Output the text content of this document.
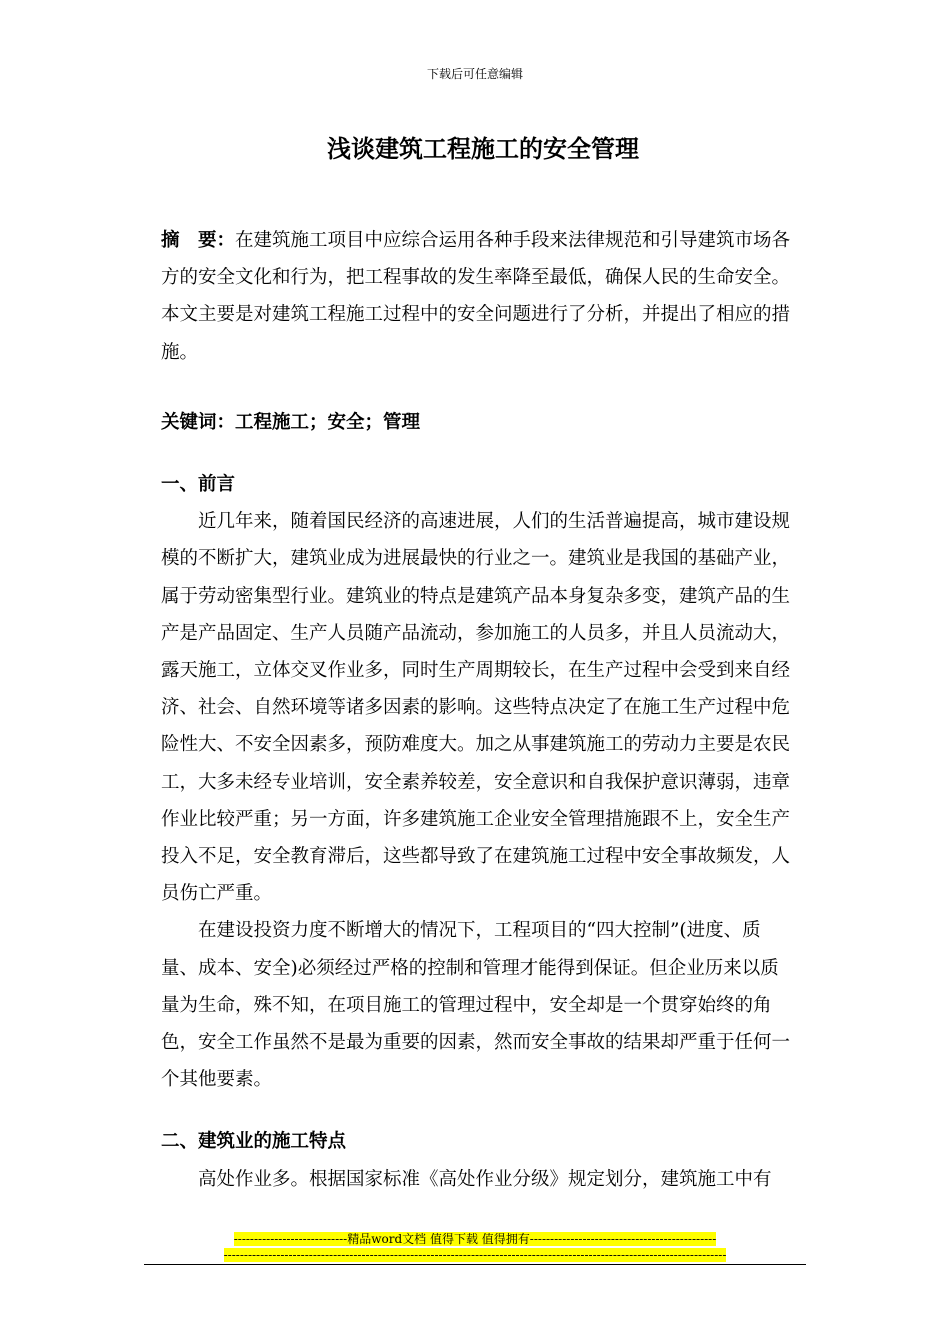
下载后可任意编辑
浅谈建筑工程施工的安全管理

摘　要：在建筑施工项目中应综合运用各种手段来法律规范和引导建筑市场各方的安全文化和行为，把工程事故的发生率降至最低，确保人民的生命安全。本文主要是对建筑工程施工过程中的安全问题进行了分析，并提出了相应的措施。

关键词：工程施工；安全；管理

一、前言

近几年来，随着国民经济的高速进展，人们的生活普遍提高，城市建设规模的不断扩大，建筑业成为进展最快的行业之一。建筑业是我国的基础产业，属于劳动密集型行业。建筑业的特点是建筑产品本身复杂多变，建筑产品的生产是产品固定、生产人员随产品流动，参加施工的人员多，并且人员流动大，露天施工，立体交叉作业多，同时生产周期较长，在生产过程中会受到来自经济、社会、自然环境等诸多因素的影响。这些特点决定了在施工生产过程中危险性大、不安全因素多，预防难度大。加之从事建筑施工的劳动力主要是农民工，大多未经专业培训，安全素养较差，安全意识和自我保护意识薄弱，违章作业比较严重；另一方面，许多建筑施工企业安全管理措施跟不上，安全生产投入不足，安全教育滞后，这些都导致了在建筑施工过程中安全事故频发，人员伤亡严重。

在建设投资力度不断增大的情况下，工程项目的“四大控制”(进度、质量、成本、安全)必须经过严格的控制和管理才能得到保证。但企业历来以质量为生命，殊不知，在项目施工的管理过程中，安全却是一个贯穿始终的角色，安全工作虽然不是最为重要的因素，然而安全事故的结果却严重于任何一个其他要素。

二、建筑业的施工特点

高处作业多。根据国家标准《高处作业分级》规定划分，建筑施工中有

----------------------------精品word文档 值得下载 值得拥有----------------------------------------------
----------------------------------------------------------------------------------------------------------------------------
